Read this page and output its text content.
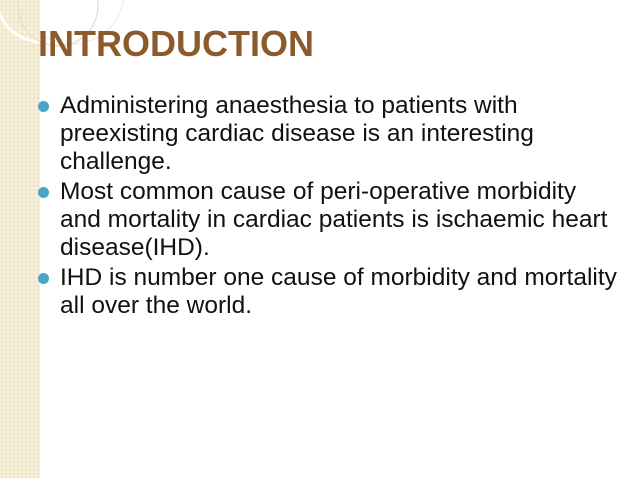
INTRODUCTION
Administering anaesthesia to patients with preexisting cardiac disease is an interesting challenge.
Most common cause of peri-operative morbidity and mortality in cardiac patients is ischaemic heart disease(IHD).
IHD is number one cause of morbidity and mortality all over the world.
